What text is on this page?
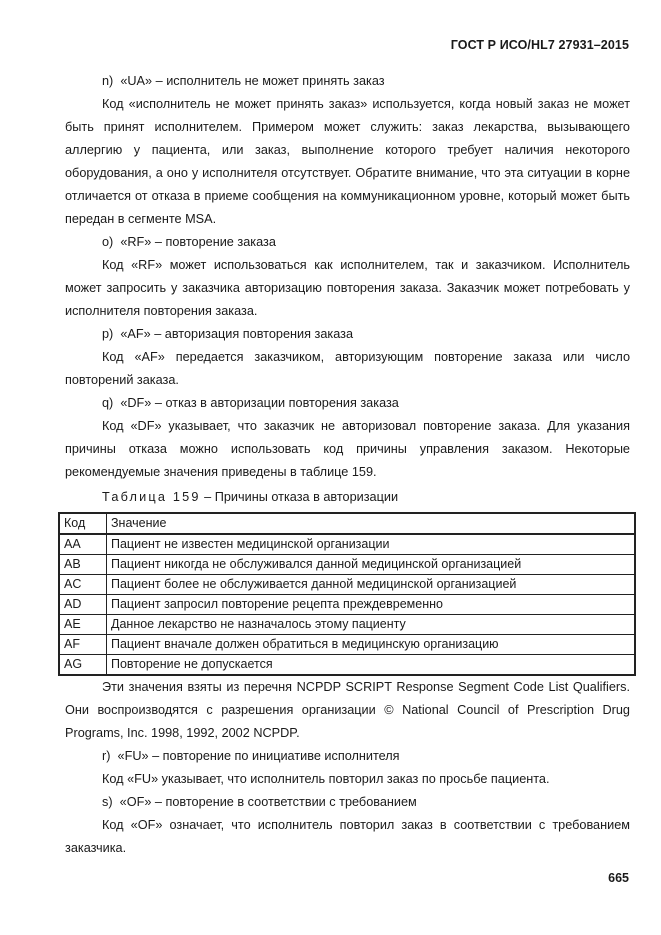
ГОСТ Р ИСО/HL7 27931–2015

n) «UA» – исполнитель не может принять заказ

Код «исполнитель не может принять заказ» используется, когда новый заказ не может быть принят исполнителем. Примером может служить: заказ лекарства, вызывающего аллергию у пациента, или заказ, выполнение которого требует наличия некоторого оборудования, а оно у исполнителя отсутствует. Обратите внимание, что эта ситуации в корне отличается от отказа в приеме сообщения на коммуникационном уровне, который может быть передан в сегменте MSA.

o) «RF» – повторение заказа

Код «RF» может использоваться как исполнителем, так и заказчиком. Исполнитель может запросить у заказчика авторизацию повторения заказа. Заказчик может потребовать у исполнителя повторения заказа.

p) «AF» – авторизация повторения заказа

Код «AF» передается заказчиком, авторизующим повторение заказа или число повторений заказа.

q) «DF» – отказ в авторизации повторения заказа

Код «DF» указывает, что заказчик не авторизовал повторение заказа. Для указания причины отказа можно использовать код причины управления заказом. Некоторые рекомендуемые значения приведены в таблице 159.

Таблица 159 – Причины отказа в авторизации

Код	Значение
AA	Пациент не известен медицинской организации
AB	Пациент никогда не обслуживался данной медицинской организацией
AC	Пациент более не обслуживается данной медицинской организацией
AD	Пациент запросил повторение рецепта преждевременно
AE	Данное лекарство не назначалось этому пациенту
AF	Пациент вначале должен обратиться в медицинскую организацию
AG	Повторение не допускается

Эти значения взяты из перечня NCPDP SCRIPT Response Segment Code List Qualifiers. Они воспроизводятся с разрешения организации © National Council of Prescription Drug Programs, Inc. 1998, 1992, 2002 NCPDP.

r) «FU» – повторение по инициативе исполнителя

Код «FU» указывает, что исполнитель повторил заказ по просьбе пациента.

s) «OF» – повторение в соответствии с требованием

Код «OF» означает, что исполнитель повторил заказ в соответствии с требованием заказчика.

665
